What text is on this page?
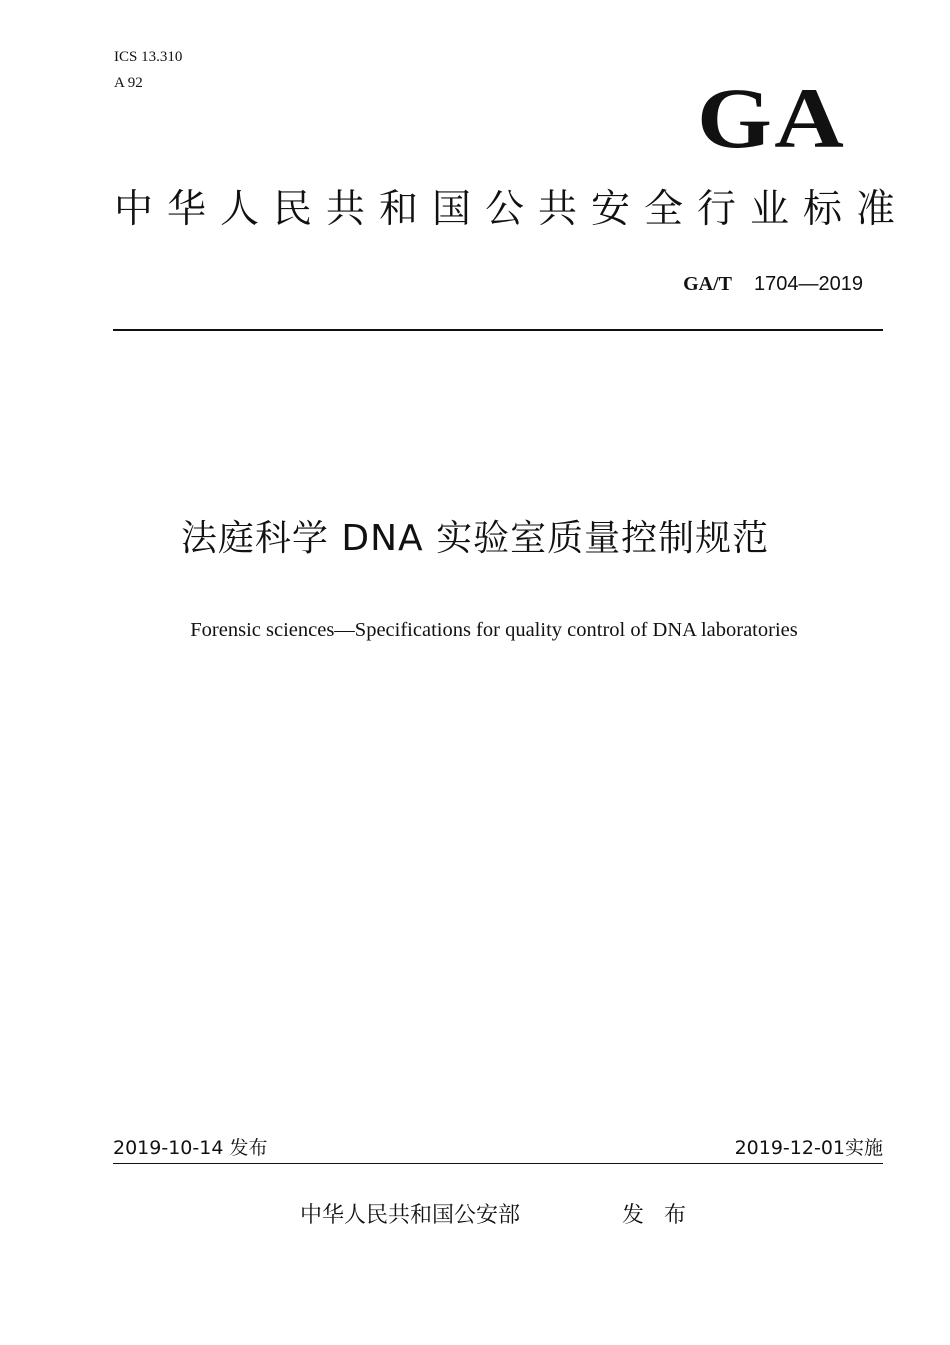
ICS 13.310
A 92	GA
中华人民共和国公共安全行业标准
GA/T 1704—2019
法庭科学 DNA 实验室质量控制规范
Forensic sciences—Specifications for quality control of DNA laboratories
2019-10-14 发布	2019-12-01实施
中华人民共和国公安部	发布
